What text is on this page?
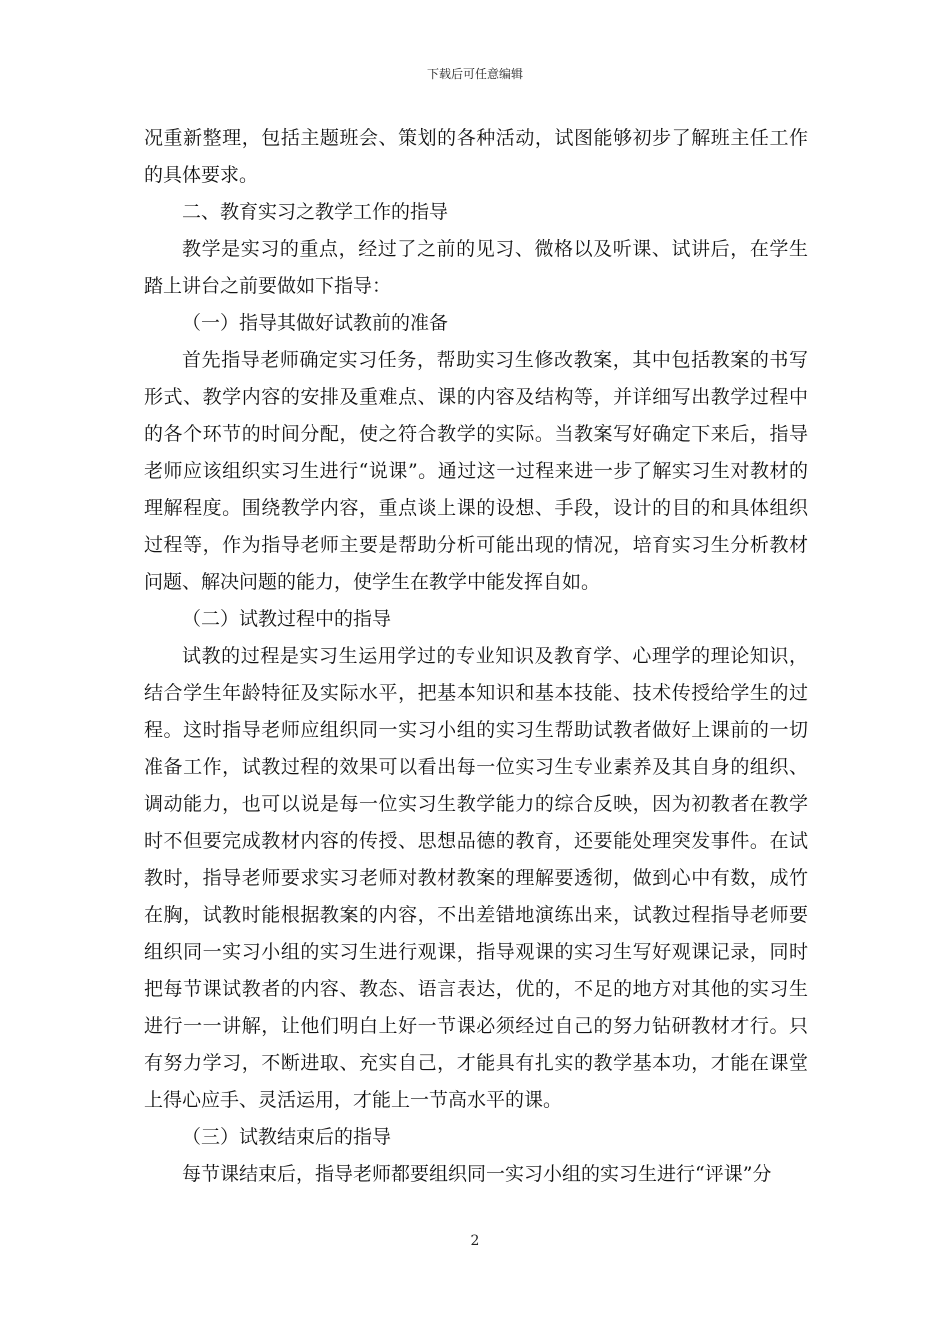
下载后可任意编辑

况重新整理，包括主题班会、策划的各种活动，试图能够初步了解班主任工作的具体要求。

二、教育实习之教学工作的指导

教学是实习的重点，经过了之前的见习、微格以及听课、试讲后，在学生踏上讲台之前要做如下指导：

（一）指导其做好试教前的准备

首先指导老师确定实习任务，帮助实习生修改教案，其中包括教案的书写形式、教学内容的安排及重难点、课的内容及结构等，并详细写出教学过程中的各个环节的时间分配，使之符合教学的实际。当教案写好确定下来后，指导老师应该组织实习生进行“说课”。通过这一过程来进一步了解实习生对教材的理解程度。围绕教学内容，重点谈上课的设想、手段，设计的目的和具体组织过程等，作为指导老师主要是帮助分析可能出现的情况，培育实习生分析教材问题、解决问题的能力，使学生在教学中能发挥自如。

（二）试教过程中的指导

试教的过程是实习生运用学过的专业知识及教育学、心理学的理论知识，结合学生年龄特征及实际水平，把基本知识和基本技能、技术传授给学生的过程。这时指导老师应组织同一实习小组的实习生帮助试教者做好上课前的一切准备工作，试教过程的效果可以看出每一位实习生专业素养及其自身的组织、调动能力，也可以说是每一位实习生教学能力的综合反映，因为初教者在教学时不但要完成教材内容的传授、思想品德的教育，还要能处理突发事件。在试教时，指导老师要求实习老师对教材教案的理解要透彻，做到心中有数，成竹在胸，试教时能根据教案的内容，不出差错地演练出来，试教过程指导老师要组织同一实习小组的实习生进行观课，指导观课的实习生写好观课记录，同时把每节课试教者的内容、教态、语言表达，优的，不足的地方对其他的实习生进行一一讲解，让他们明白上好一节课必须经过自己的努力钻研教材才行。只有努力学习，不断进取、充实自己，才能具有扎实的教学基本功，才能在课堂上得心应手、灵活运用，才能上一节高水平的课。

（三）试教结束后的指导

每节课结束后，指导老师都要组织同一实习小组的实习生进行“评课”分

2
